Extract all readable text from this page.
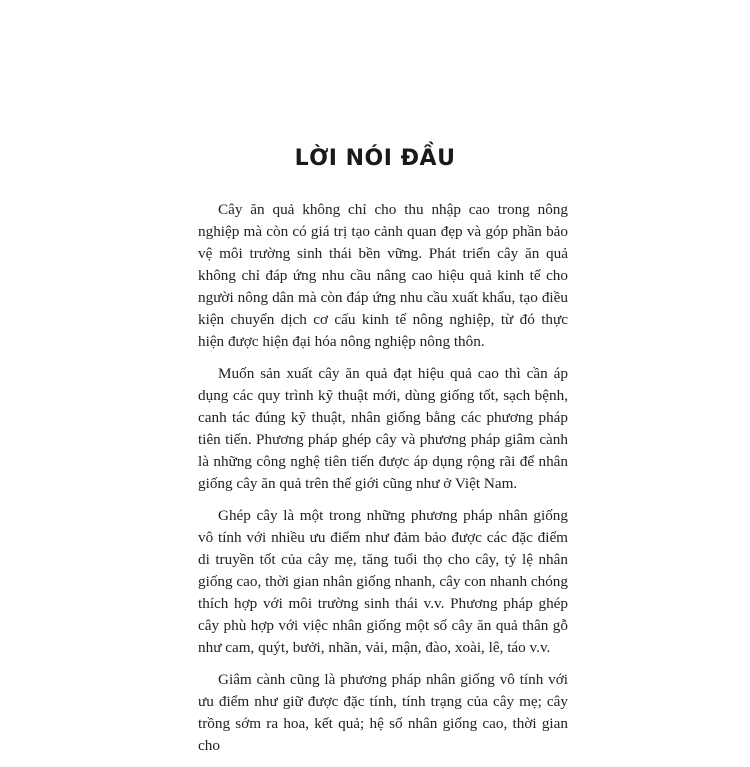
LỜI NÓI ĐẦU

Cây ăn quả không chỉ cho thu nhập cao trong nông nghiệp mà còn có giá trị tạo cảnh quan đẹp và góp phần bảo vệ môi trường sinh thái bền vững. Phát triển cây ăn quả không chỉ đáp ứng nhu cầu nâng cao hiệu quả kinh tế cho người nông dân mà còn đáp ứng nhu cầu xuất khẩu, tạo điều kiện chuyển dịch cơ cấu kinh tế nông nghiệp, từ đó thực hiện được hiện đại hóa nông nghiệp nông thôn.

Muốn sản xuất cây ăn quả đạt hiệu quả cao thì cần áp dụng các quy trình kỹ thuật mới, dùng giống tốt, sạch bệnh, canh tác đúng kỹ thuật, nhân giống bằng các phương pháp tiên tiến. Phương pháp ghép cây và phương pháp giâm cành là những công nghệ tiên tiến được áp dụng rộng rãi để nhân giống cây ăn quả trên thế giới cũng như ở Việt Nam.

Ghép cây là một trong những phương pháp nhân giống vô tính với nhiều ưu điểm như đảm bảo được các đặc điểm di truyền tốt của cây mẹ, tăng tuổi thọ cho cây, tỷ lệ nhân giống cao, thời gian nhân giống nhanh, cây con nhanh chóng thích hợp với môi trường sinh thái v.v. Phương pháp ghép cây phù hợp với việc nhân giống một số cây ăn quả thân gỗ như cam, quýt, bưởi, nhãn, vải, mận, đào, xoài, lê, táo v.v.

Giâm cành cũng là phương pháp nhân giống vô tính với ưu điểm như giữ được đặc tính, tính trạng của cây mẹ; cây trồng sớm ra hoa, kết quả; hệ số nhân giống cao, thời gian cho
